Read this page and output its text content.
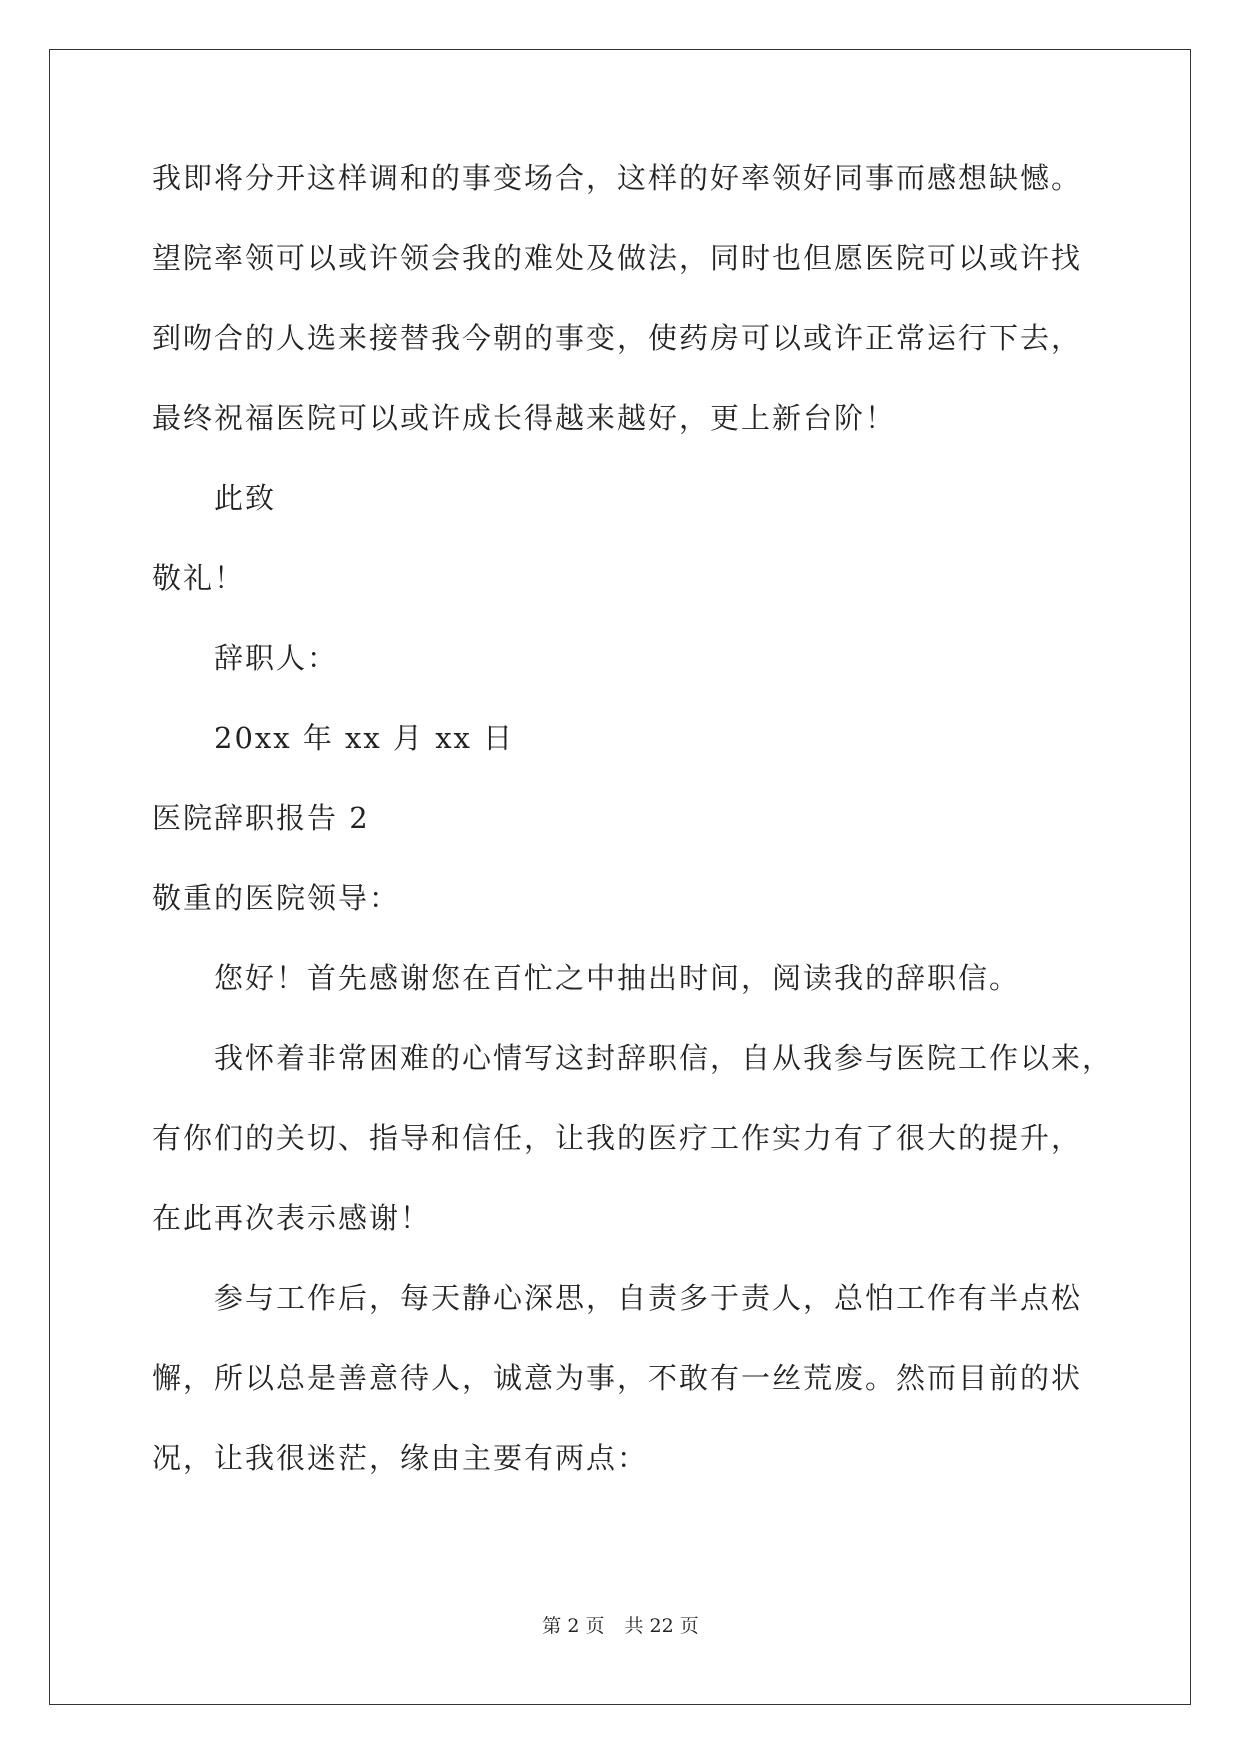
我即将分开这样调和的事变场合，这样的好率领好同事而感想缺憾。
望院率领可以或许领会我的难处及做法，同时也但愿医院可以或许找
到吻合的人选来接替我今朝的事变，使药房可以或许正常运行下去，
最终祝福医院可以或许成长得越来越好，更上新台阶！
此致
敬礼！
辞职人：
20xx 年 xx 月 xx 日
医院辞职报告 2
敬重的医院领导：
您好！首先感谢您在百忙之中抽出时间，阅读我的辞职信。
我怀着非常困难的心情写这封辞职信，自从我参与医院工作以来，
有你们的关切、指导和信任，让我的医疗工作实力有了很大的提升，
在此再次表示感谢！
参与工作后，每天静心深思，自责多于责人，总怕工作有半点松
懈，所以总是善意待人，诚意为事，不敢有一丝荒废。然而目前的状
况，让我很迷茫，缘由主要有两点：
第 2 页 共 22 页
